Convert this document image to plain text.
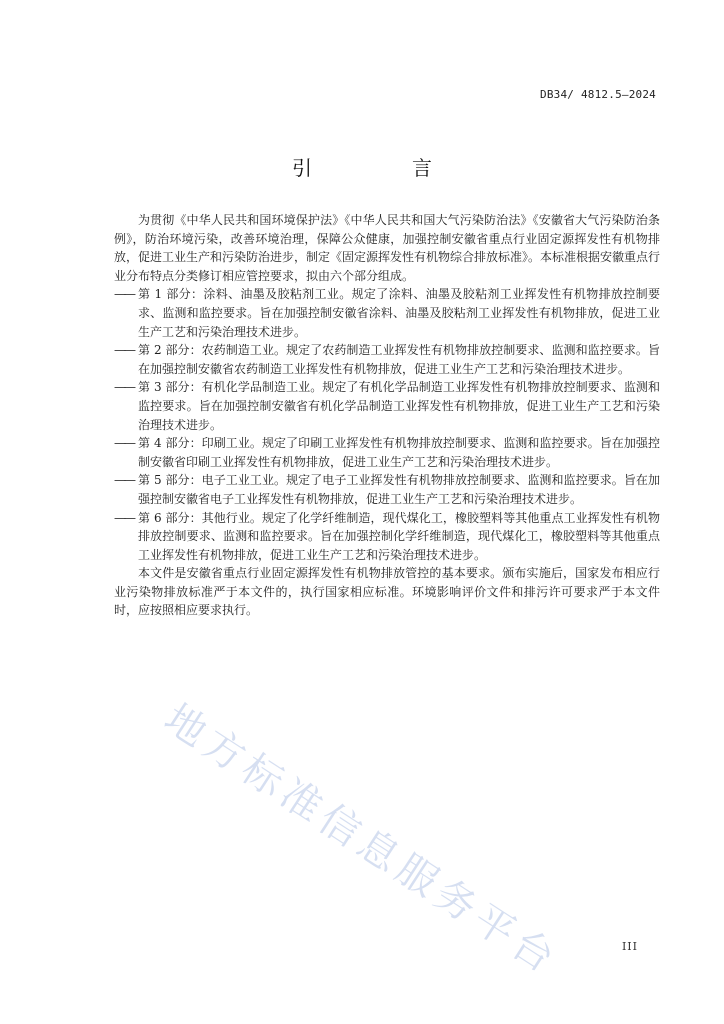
DB34/ 4812.5—2024
引　言

为贯彻《中华人民共和国环境保护法》《中华人民共和国大气污染防治法》《安徽省大气污染防治条例》，防治环境污染，改善环境治理，保障公众健康，加强控制安徽省重点行业固定源挥发性有机物排放，促进工业生产和污染防治进步，制定《固定源挥发性有机物综合排放标准》。本标准根据安徽重点行业分布特点分类修订相应管控要求，拟由六个部分组成。

—— 第 1 部分：涂料、油墨及胶粘剂工业。规定了涂料、油墨及胶粘剂工业挥发性有机物排放控制要求、监测和监控要求。旨在加强控制安徽省涂料、油墨及胶粘剂工业挥发性有机物排放，促进工业生产工艺和污染治理技术进步。
—— 第 2 部分：农药制造工业。规定了农药制造工业挥发性有机物排放控制要求、监测和监控要求。旨在加强控制安徽省农药制造工业挥发性有机物排放，促进工业生产工艺和污染治理技术进步。
—— 第 3 部分：有机化学品制造工业。规定了有机化学品制造工业挥发性有机物排放控制要求、监测和监控要求。旨在加强控制安徽省有机化学品制造工业挥发性有机物排放，促进工业生产工艺和污染治理技术进步。
—— 第 4 部分：印刷工业。规定了印刷工业挥发性有机物排放控制要求、监测和监控要求。旨在加强控制安徽省印刷工业挥发性有机物排放，促进工业生产工艺和污染治理技术进步。
—— 第 5 部分：电子工业工业。规定了电子工业挥发性有机物排放控制要求、监测和监控要求。旨在加强控制安徽省电子工业挥发性有机物排放，促进工业生产工艺和污染治理技术进步。
—— 第 6 部分：其他行业。规定了化学纤维制造，现代煤化工，橡胶塑料等其他重点工业挥发性有机物排放控制要求、监测和监控要求。旨在加强控制化学纤维制造，现代煤化工，橡胶塑料等其他重点工业挥发性有机物排放，促进工业生产工艺和污染治理技术进步。

本文件是安徽省重点行业固定源挥发性有机物排放管控的基本要求。颁布实施后，国家发布相应行业污染物排放标准严于本文件的，执行国家相应标准。环境影响评价文件和排污许可要求严于本文件时，应按照相应要求执行。

地方标准信息服务平台	III
